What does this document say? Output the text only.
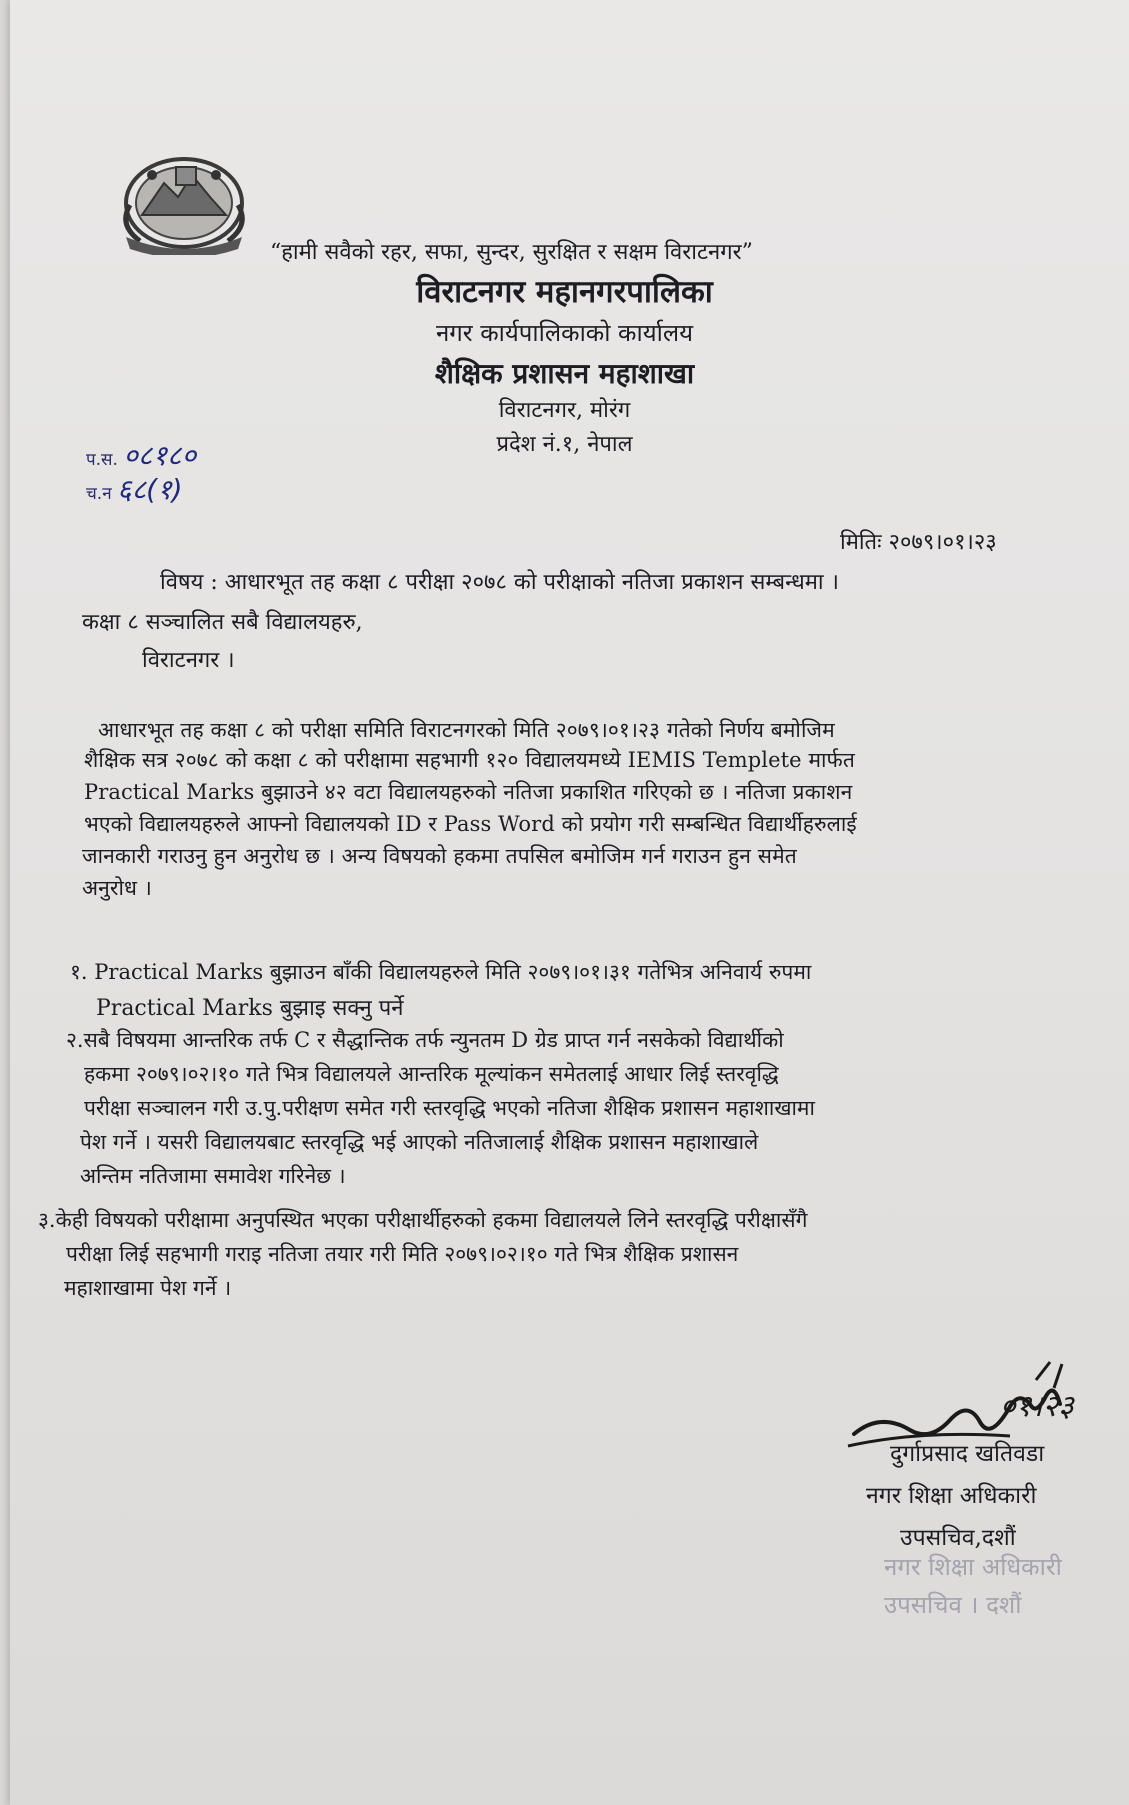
“हामी सवैको रहर, सफा, सुन्दर, सुरक्षित र सक्षम विराटनगर”
विराटनगर महानगरपालिका
नगर कार्यपालिकाको कार्यालय
शैक्षिक प्रशासन महाशाखा
विराटनगर, मोरंग
प्रदेश नं.१, नेपाल
प.स. ०८१८०
च.न ६८(१)
मितिः २०७९।०१।२३
विषय : आधारभूत तह कक्षा ८ परीक्षा २०७८ को परीक्षाको नतिजा प्रकाशन सम्बन्धमा ।
कक्षा ८ सञ्चालित सबै विद्यालयहरु,
विराटनगर ।
आधारभूत तह कक्षा ८ को परीक्षा समिति विराटनगरको मिति २०७९।०१।२३ गतेको निर्णय बमोजिम
शैक्षिक सत्र २०७८ को कक्षा ८ को परीक्षामा सहभागी १२० विद्यालयमध्ये IEMIS Templete मार्फत
Practical Marks बुझाउने ४२ वटा विद्यालयहरुको नतिजा प्रकाशित गरिएको छ । नतिजा प्रकाशन
भएको विद्यालयहरुले आफ्नो विद्यालयको ID र Pass Word को प्रयोग गरी सम्बन्धित विद्यार्थीहरुलाई
जानकारी गराउनु हुन अनुरोध छ । अन्य विषयको हकमा तपसिल बमोजिम गर्न गराउन हुन समेत
अनुरोध ।
१. Practical Marks बुझाउन बाँकी विद्यालयहरुले मिति २०७९।०१।३१ गतेभित्र अनिवार्य रुपमा
Practical Marks बुझाइ सक्नु पर्ने
२.सबै विषयमा आन्तरिक तर्फ C र सैद्धान्तिक तर्फ न्युनतम D ग्रेड प्राप्त गर्न नसकेको विद्यार्थीको
हकमा २०७९।०२।१० गते भित्र विद्यालयले आन्तरिक मूल्यांकन समेतलाई आधार लिई स्तरवृद्धि
परीक्षा सञ्चालन गरी उ.पु.परीक्षण समेत गरी स्तरवृद्धि भएको नतिजा शैक्षिक प्रशासन महाशाखामा
पेश गर्ने । यसरी विद्यालयबाट स्तरवृद्धि भई आएको नतिजालाई शैक्षिक प्रशासन महाशाखाले
अन्तिम नतिजामा समावेश गरिनेछ ।
३.केही विषयको परीक्षामा अनुपस्थित भएका परीक्षार्थीहरुको हकमा विद्यालयले लिने स्तरवृद्धि परीक्षासँगै
परीक्षा लिई सहभागी गराइ नतिजा तयार गरी मिति २०७९।०२।१० गते भित्र शैक्षिक प्रशासन
महाशाखामा पेश गर्ने ।
०१।२३
दुर्गाप्रसाद खतिवडा
नगर शिक्षा अधिकारी
उपसचिव,दशौं
नगर शिक्षा अधिकारी
उपसचिव । दशौं
